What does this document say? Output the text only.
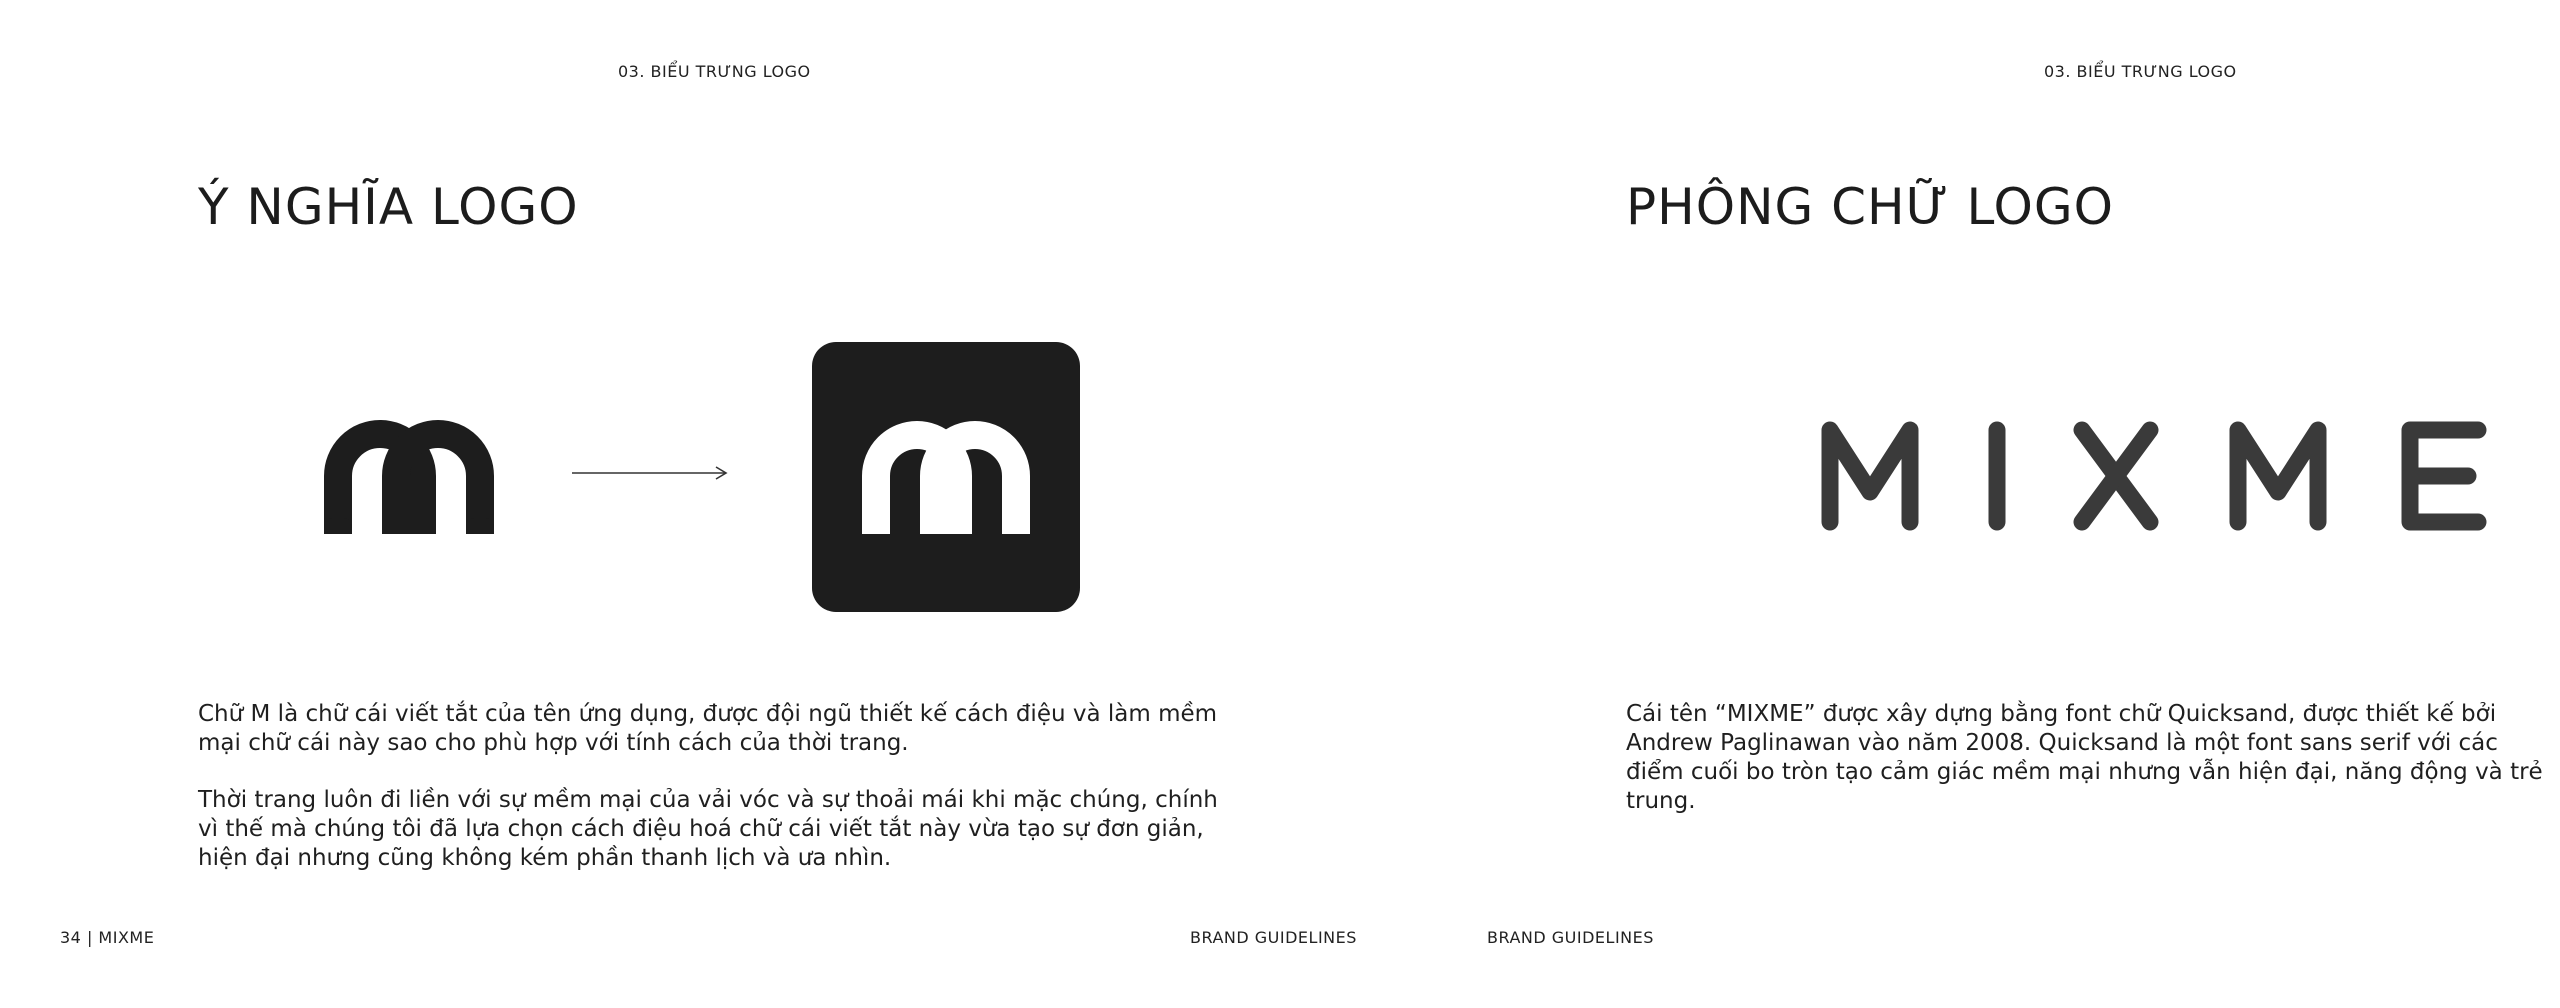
03. BIỂU TRƯNG LOGO
Ý NGHĨA LOGO

Chữ M là chữ cái viết tắt của tên ứng dụng, được đội ngũ thiết kế cách điệu và làm mềm mại chữ cái này sao cho phù hợp với tính cách của thời trang.

Thời trang luôn đi liền với sự mềm mại của vải vóc và sự thoải mái khi mặc chúng, chính vì thế mà chúng tôi đã lựa chọn cách điệu hoá chữ cái viết tắt này vừa tạo sự đơn giản, hiện đại nhưng cũng không kém phần thanh lịch và ưa nhìn.

34 | MIXME	BRAND GUIDELINES
03. BIỂU TRƯNG LOGO
PHÔNG CHỮ LOGO

Cái tên “MIXME” được xây dựng bằng font chữ Quicksand, được thiết kế bởi Andrew Paglinawan vào năm 2008. Quicksand là một font sans serif với các điểm cuối bo tròn tạo cảm giác mềm mại nhưng vẫn hiện đại, năng động và trẻ trung.

BRAND GUIDELINES
